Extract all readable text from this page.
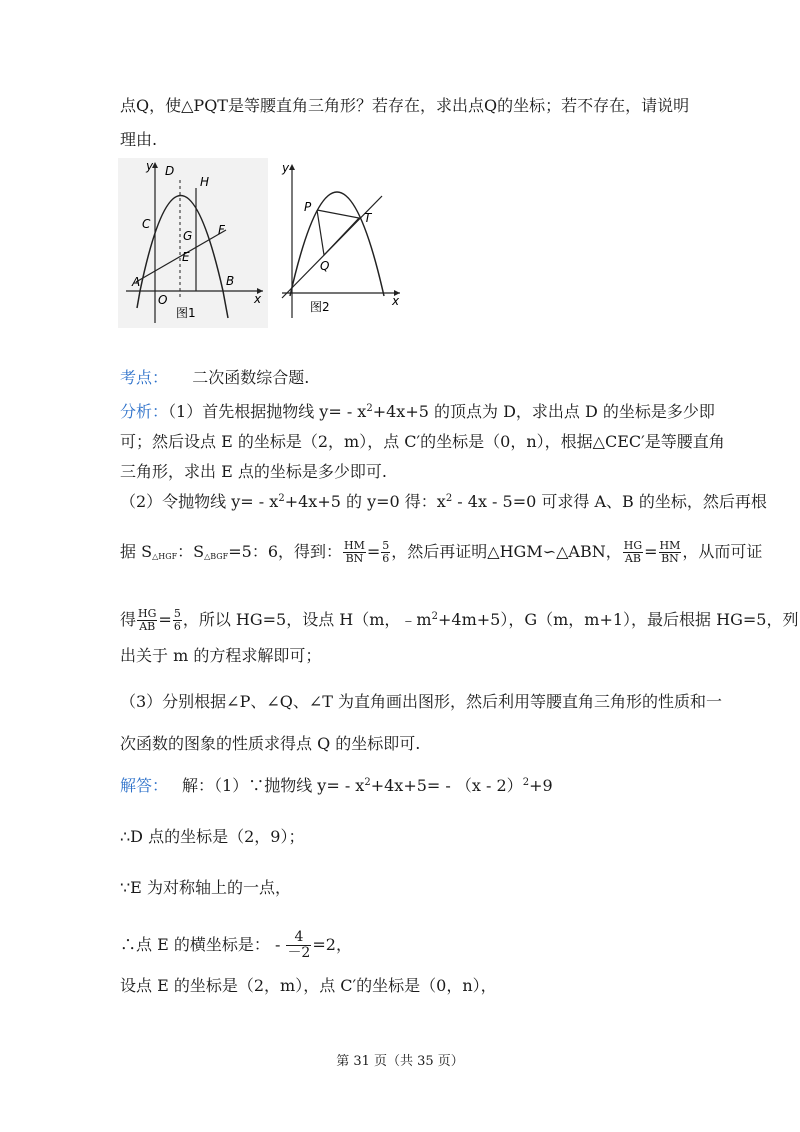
点Q，使△PQT是等腰直角三角形？若存在，求出点Q的坐标；若不存在，请说明
理由.
y
x
D
H
C
G F
E
A
O
B
图1
y
x
P
T
Q
图2
考点： 二次函数综合题.
分析：（1）首先根据抛物线 $y= - x^2+4x+5$ 的顶点为 D，求出点 D 的坐标是多少即
可；然后设点 E 的坐标是（2，m），点 C′的坐标是（0，n），根据△CEC′是等腰直角
三角形，求出 E 点的坐标是多少即可.
（2）令抛物线 $y= - x^2+4x+5$ 的 y=0 得：$x^2 - 4x - 5=0$ 可求得 A、B 的坐标，然后再根
据 $S_{\triangle HGF}$：$S_{\triangle BGF}=5$：6，得到： $\frac{HM}{BN} = \frac{5}{6}$ ，然后再证明△HGM∽△ABN， $\frac{HG}{AB} = \frac{HM}{BN}$ ，从而可证
得 $\frac{HG}{AB} = \frac{5}{6}$ ，所以 HG=5，设点 H（m，$﹣m^2+4m+5$），G（m，m+1），最后根据 HG=5，列
出关于 m 的方程求解即可；
（3）分别根据∠P、∠Q、∠T 为直角画出图形，然后利用等腰直角三角形的性质和一
次函数的图象的性质求得点 Q 的坐标即可.
解答： 解：（1）∵抛物线 $y= - x^2+4x+5= - (x - 2)^2+9$
∴D 点的坐标是（2，9）；
∵E 为对称轴上的一点，
∴点 E 的横坐标是： - $\frac{4}{-2} =2$，
设点 E 的坐标是（2，m），点 C′的坐标是（0，n），
第 31 页（共 35 页）
